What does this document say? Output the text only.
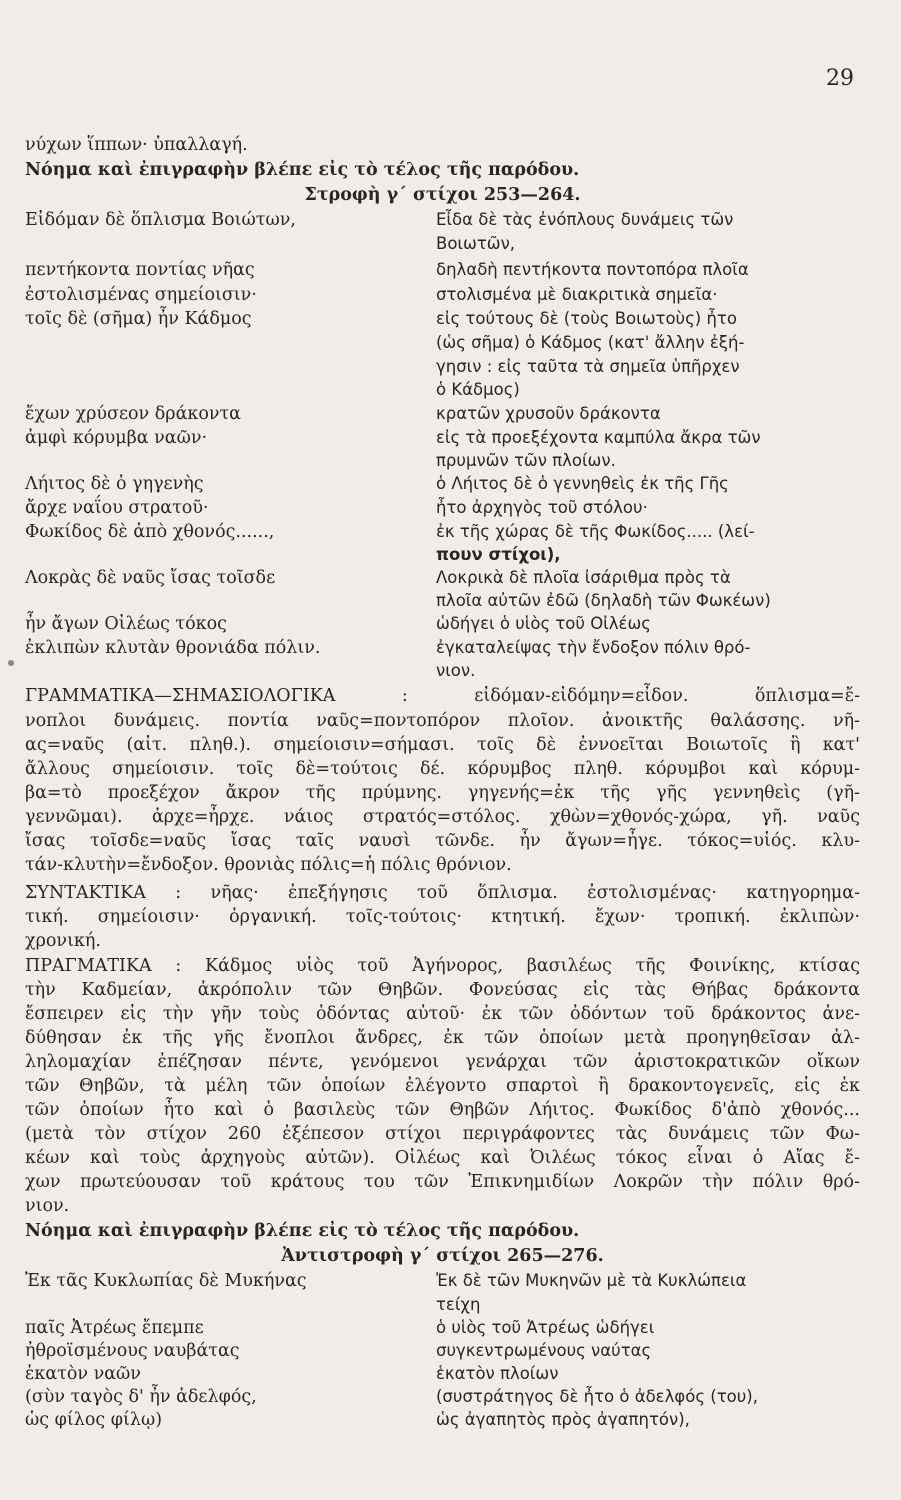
29
νύχων ἵππων· ὑπαλλαγή.
Νόημα καὶ ἐπιγραφὴν βλέπε εἰς τὸ τέλος τῆς παρόδου.
Στροφὴ γ΄ στίχοι 253—264.
Εἰδόμαν δὲ ὅπλισμα Βοιώτων,
πεντήκοντα ποντίας νῆας
ἐστολισμένας σημείοισιν·
τοῖς δὲ (σῆμα) ἦν Κάδμος
ἔχων χρύσεον δράκοντα
ἀμφὶ κόρυμβα ναῶν·
Λήιτος δὲ ὁ γηγενὴς
ἄρχε ναΐου στρατοῦ·
Φωκίδος δὲ ἀπὸ χθονός......,
Λοκρὰς δὲ ναῦς ἴσας τοῖσδε
ἦν ἄγων Οἰλέως τόκος
ἐκλιπὼν κλυτὰν θρονιάδα πόλιν.
Εἶδα δὲ τὰς ἐνόπλους δυνάμεις τῶν
Βοιωτῶν,
δηλαδὴ πεντήκοντα ποντοπόρα πλοῖα
στολισμένα μὲ διακριτικὰ σημεῖα·
εἰς τούτους δὲ (τοὺς Βοιωτοὺς) ἦτο
(ὡς σῆμα) ὁ Κάδμος (κατ' ἄλλην ἐξή-
γησιν : εἰς ταῦτα τὰ σημεῖα ὑπῆρχεν
ὁ Κάδμος)
κρατῶν χρυσοῦν δράκοντα
εἰς τὰ προεξέχοντα καμπύλα ἄκρα τῶν
πρυμνῶν τῶν πλοίων.
ὁ Λήιτος δὲ ὁ γεννηθεὶς ἐκ τῆς Γῆς
ἦτο ἀρχηγὸς τοῦ στόλου·
ἐκ τῆς χώρας δὲ τῆς Φωκίδος..... (λεί-
πουν στίχοι),
Λοκρικὰ δὲ πλοῖα ἰσάριθμα πρὸς τὰ
πλοῖα αὐτῶν ἐδῶ (δηλαδὴ τῶν Φωκέων)
ὡδήγει ὁ υἱὸς τοῦ Οἰλέως
ἐγκαταλείψας τὴν ἔνδοξον πόλιν θρό-
νιον.
ΓΡΑΜΜΑΤΙΚΑ—ΣΗΜΑΣΙΟΛΟΓΙΚΑ : εἰδόμαν-εἰδόμην=εἶδον. ὅπλισμα=ἔ-
νοπλοι δυνάμεις. ποντία ναῦς=ποντοπόρον πλοῖον. ἀνοικτῆς θαλάσσης. νῆ-
ας=ναῦς (αἰτ. πληθ.). σημείοισιν=σήμασι. τοῖς δὲ ἐννοεῖται Βοιωτοῖς ἢ κατ'
ἄλλους σημείοισιν. τοῖς δὲ=τούτοις δέ. κόρυμβος πληθ. κόρυμβοι καὶ κόρυμ-
βα=τὸ προεξέχον ἄκρον τῆς πρύμνης. γηγενής=ἐκ τῆς γῆς γεννηθεὶς (γῆ-
γεννῶμαι). ἀρχε=ἦρχε. νάιος στρατός=στόλος. χθὼν=χθονός-χώρα, γῆ. ναῦς
ἴσας τοῖσδε=ναῦς ἴσας ταῖς ναυσὶ τῶνδε. ἦν ἄγων=ἦγε. τόκος=υἱός. κλυ-
τάν-κλυτὴν=ἔνδοξον. θρονιὰς πόλις=ἡ πόλις θρόνιον.
ΣΥΝΤΑΚΤΙΚΑ : νῆας· ἐπεξήγησις τοῦ ὅπλισμα. ἐστολισμένας· κατηγορημα-
τική. σημείοισιν· ὀργανική. τοῖς-τούτοις· κτητική. ἔχων· τροπική. ἐκλιπὼν·
χρονική.
ΠΡΑΓΜΑΤΙΚΑ : Κάδμος υἱὸς τοῦ Ἀγήνορος, βασιλέως τῆς Φοινίκης, κτίσας
τὴν Καδμείαν, ἀκρόπολιν τῶν Θηβῶν. Φονεύσας εἰς τὰς Θήβας δράκοντα
ἔσπειρεν εἰς τὴν γῆν τοὺς ὀδόντας αὐτοῦ· ἐκ τῶν ὀδόντων τοῦ δράκοντος ἀνε-
δύθησαν ἐκ τῆς γῆς ἔνοπλοι ἄνδρες, ἐκ τῶν ὁποίων μετὰ προηγηθεῖσαν ἀλ-
ληλομαχίαν ἐπέζησαν πέντε, γενόμενοι γενάρχαι τῶν ἀριστοκρατικῶν οἴκων
τῶν Θηβῶν, τὰ μέλη τῶν ὁποίων ἐλέγοντο σπαρτοὶ ἢ δρακοντογενεῖς, εἰς ἐκ
τῶν ὁποίων ἦτο καὶ ὁ βασιλεὺς τῶν Θηβῶν Λήιτος. Φωκίδος δ'ἀπὸ χθονός...
(μετὰ τὸν στίχον 260 ἐξέπεσον στίχοι περιγράφοντες τὰς δυνάμεις τῶν Φω-
κέων καὶ τοὺς ἀρχηγοὺς αὐτῶν). Οἰλέως καὶ Ὀιλέως τόκος εἶναι ὁ Αἴας ἔ-
χων πρωτεύουσαν τοῦ κράτους του τῶν Ἐπικνημιδίων Λοκρῶν τὴν πόλιν θρό-
νιον.
Νόημα καὶ ἐπιγραφὴν βλέπε εἰς τὸ τέλος τῆς παρόδου.
Ἀντιστροφὴ γ΄ στίχοι 265—276.
Ἐκ τᾶς Κυκλωπίας δὲ Μυκήνας
παῖς Ἀτρέως ἔπεμπε
ἠθροϊσμένους ναυβάτας
ἑκατὸν ναῶν
(σὺν ταγὸς δ' ἦν ἀδελφός,
ὡς φίλος φίλῳ)
Ἐκ δὲ τῶν Μυκηνῶν μὲ τὰ Κυκλώπεια
τείχη
ὁ υἱὸς τοῦ Ἀτρέως ὡδήγει
συγκεντρωμένους ναύτας
ἑκατὸν πλοίων
(συστράτηγος δὲ ἦτο ὁ ἀδελφός (του),
ὡς ἀγαπητὸς πρὸς ἀγαπητόν),
